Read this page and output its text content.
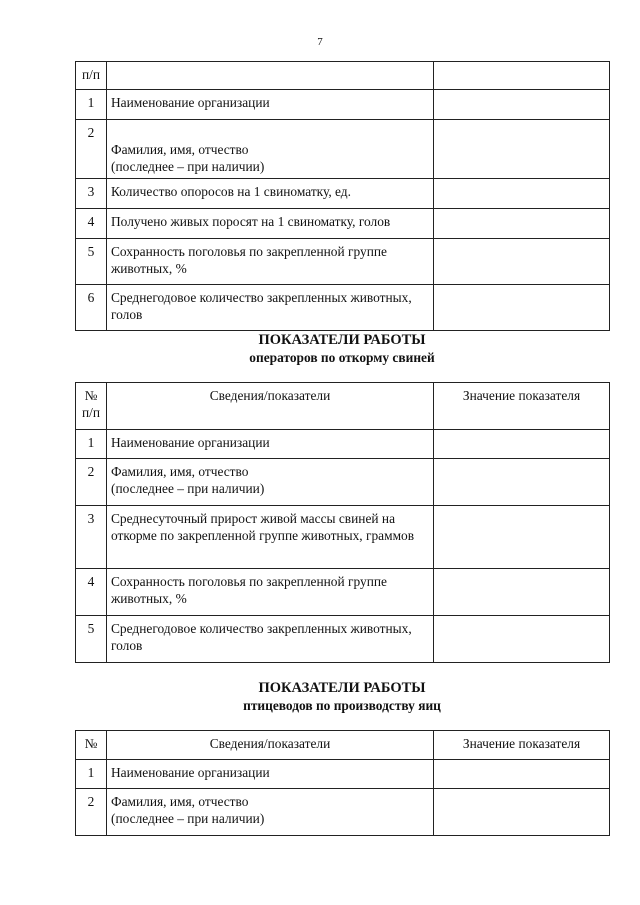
7
п/п		
1	Наименование организации	
2	Фамилия, имя, отчество
(последнее – при наличии)

3	Количество опоросов на 1 свиноматку, ед.	
4	Получено живых поросят на 1 свиноматку, голов	
5	Сохранность поголовья по закрепленной группе животных, %	
6	Среднегодовое количество закрепленных животных, голов	
ПОКАЗАТЕЛИ РАБОТЫ
операторов по откорму свиней
№
п/п	Сведения/показатели	Значение показателя
1	Наименование организации	
2	Фамилия, имя, отчество
(последнее – при наличии)	
3	Среднесуточный прирост живой массы свиней на откорме по закрепленной группе животных, граммов	
4	Сохранность поголовья по закрепленной группе животных, %	
5	Среднегодовое количество закрепленных животных, голов	
ПОКАЗАТЕЛИ РАБОТЫ
птицеводов по производству яиц
№	Сведения/показатели	Значение показателя
1	Наименование организации	
2	Фамилия, имя, отчество
(последнее – при наличии)	
